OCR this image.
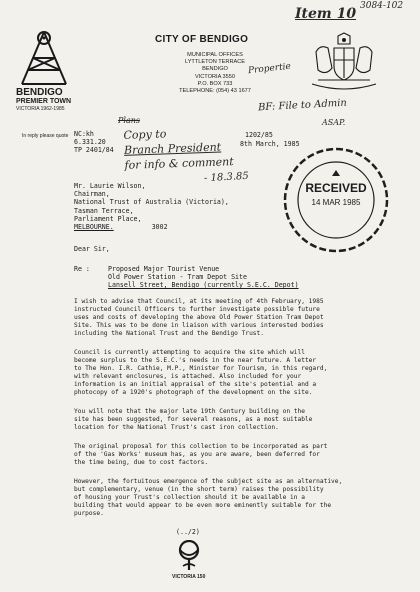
3084-102
Item 10
BENDIGO
PREMIER TOWN
VICTORIA 1962-1985
CITY OF BENDIGO
MUNICIPAL OFFICES
LYTTLETON TERRACE
BENDIGO
VICTORIA 3550
P.O. BOX 733
TELEPHONE: (054) 43 1677
Propertie
In reply please quote NC:kh
6.331.20
TP 2401/84
1202/85
8th March, 1985
BF: File to Admin
ASAP.
Plans
Copy to
Branch President
for info & comment
- 18.3.85
RECEIVED
14 MAR 1985
Mr. Laurie Wilson,
Chairman,
National Trust of Australia (Victoria),
Tasman Terrace,
Parliament Place,
MELBOURNE.	3002
Dear Sir,
Re :	Proposed Major Tourist Venue
Old Power Station - Tram Depot Site
Lansell Street, Bendigo (currently S.E.C. Depot)
I wish to advise that Council, at its meeting of 4th February, 1985
instructed Council Officers to further investigate possible future
uses and costs of developing the above Old Power Station Tram Depot
Site. This was to be done in liaison with various interested bodies
including the National Trust and the Bendigo Trust.
Council is currently attempting to acquire the site which will
become surplus to the S.E.C.'s needs in the near future. A letter
to The Hon. I.R. Cathie, M.P., Minister for Tourism, in this regard,
with relevant enclosures, is attached. Also included for your
information is an initial appraisal of the site's potential and a
photocopy of a 1920's photograph of the development on the site.
You will note that the major late 19th Century building on the
site has been suggested, for several reasons, as a most suitable
location for the National Trust's cast iron collection.
The original proposal for this collection to be incorporated as part
of the 'Gas Works' museum has, as you are aware, been deferred for
the time being, due to cost factors.
However, the fortuitous emergence of the subject site as an alternative,
but complementary, venue (in the short term) raises the possibility
of housing your Trust's collection should it be available in a
building that would appear to be even more eminently suitable for the
purpose.
(../2)
VICTORIA 150
